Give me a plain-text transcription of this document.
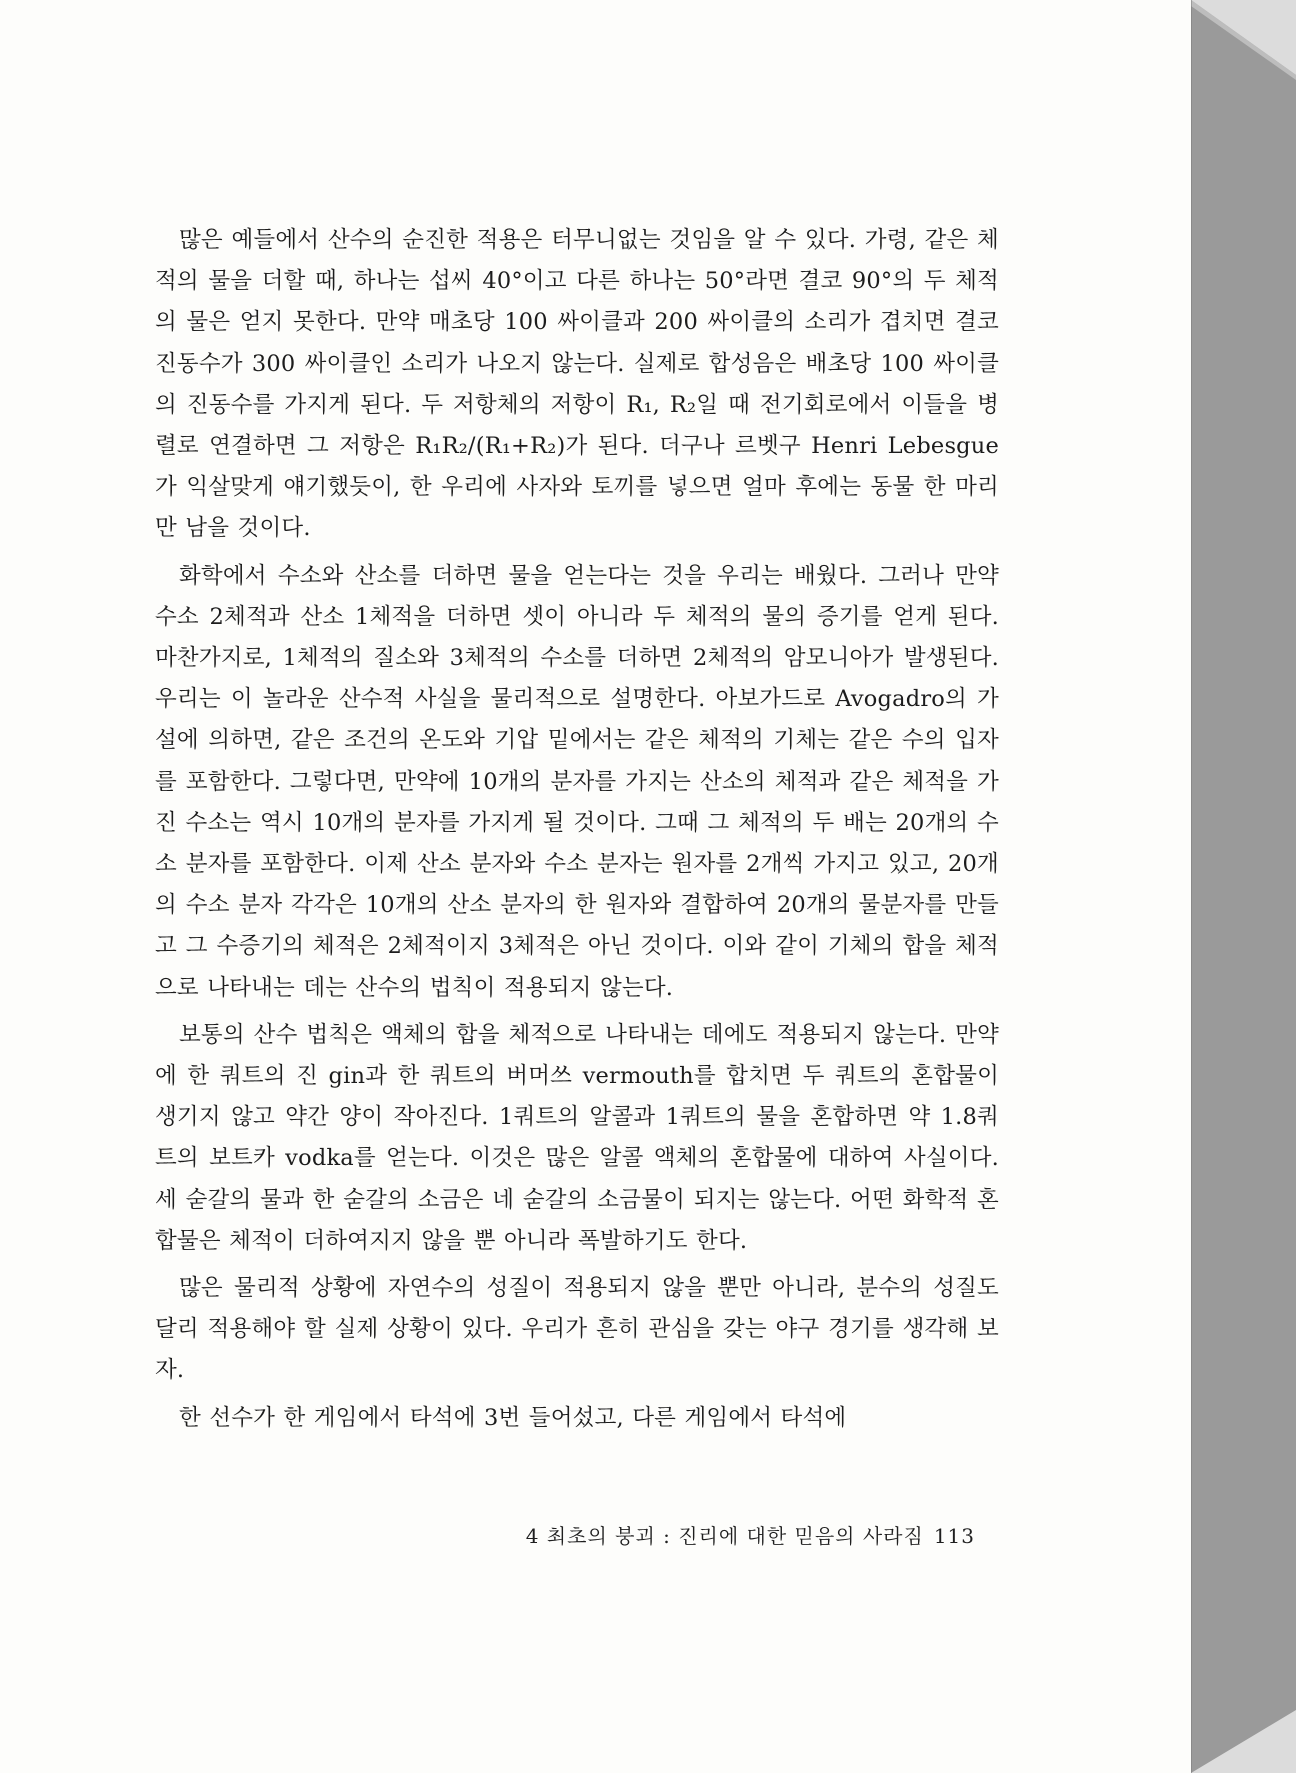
많은 예들에서 산수의 순진한 적용은 터무니없는 것임을 알 수 있다. 가령, 같은 체적의 물을 더할 때, 하나는 섭씨 40°이고 다른 하나는 50°라면 결코 90°의 두 체적의 물은 얻지 못한다. 만약 매초당 100 싸이클과 200 싸이클의 소리가 겹치면 결코 진동수가 300 싸이클인 소리가 나오지 않는다. 실제로 합성음은 배초당 100 싸이클의 진동수를 가지게 된다. 두 저항체의 저항이 R₁, R₂일 때 전기회로에서 이들을 병렬로 연결하면 그 저항은 R₁R₂/(R₁+R₂)가 된다. 더구나 르벳구 Henri Lebesgue가 익살맞게 얘기했듯이, 한 우리에 사자와 토끼를 넣으면 얼마 후에는 동물 한 마리만 남을 것이다.

화학에서 수소와 산소를 더하면 물을 얻는다는 것을 우리는 배웠다. 그러나 만약 수소 2체적과 산소 1체적을 더하면 셋이 아니라 두 체적의 물의 증기를 얻게 된다. 마찬가지로, 1체적의 질소와 3체적의 수소를 더하면 2체적의 암모니아가 발생된다. 우리는 이 놀라운 산수적 사실을 물리적으로 설명한다. 아보가드로 Avogadro의 가설에 의하면, 같은 조건의 온도와 기압 밑에서는 같은 체적의 기체는 같은 수의 입자를 포함한다. 그렇다면, 만약에 10개의 분자를 가지는 산소의 체적과 같은 체적을 가진 수소는 역시 10개의 분자를 가지게 될 것이다. 그때 그 체적의 두 배는 20개의 수소 분자를 포함한다. 이제 산소 분자와 수소 분자는 원자를 2개씩 가지고 있고, 20개의 수소 분자 각각은 10개의 산소 분자의 한 원자와 결합하여 20개의 물분자를 만들고 그 수증기의 체적은 2체적이지 3체적은 아닌 것이다. 이와 같이 기체의 합을 체적으로 나타내는 데는 산수의 법칙이 적용되지 않는다.

보통의 산수 법칙은 액체의 합을 체적으로 나타내는 데에도 적용되지 않는다. 만약에 한 쿼트의 진 gin과 한 쿼트의 버머쓰 vermouth를 합치면 두 쿼트의 혼합물이 생기지 않고 약간 양이 작아진다. 1쿼트의 알콜과 1쿼트의 물을 혼합하면 약 1.8쿼트의 보트카 vodka를 얻는다. 이것은 많은 알콜 액체의 혼합물에 대하여 사실이다. 세 숟갈의 물과 한 숟갈의 소금은 네 숟갈의 소금물이 되지는 않는다. 어떤 화학적 혼합물은 체적이 더하여지지 않을 뿐 아니라 폭발하기도 한다.

많은 물리적 상황에 자연수의 성질이 적용되지 않을 뿐만 아니라, 분수의 성질도 달리 적용해야 할 실제 상황이 있다. 우리가 흔히 관심을 갖는 야구 경기를 생각해 보자.

한 선수가 한 게임에서 타석에 3번 들어섰고, 다른 게임에서 타석에

4 최초의 붕괴 : 진리에 대한 믿음의 사라짐 113
